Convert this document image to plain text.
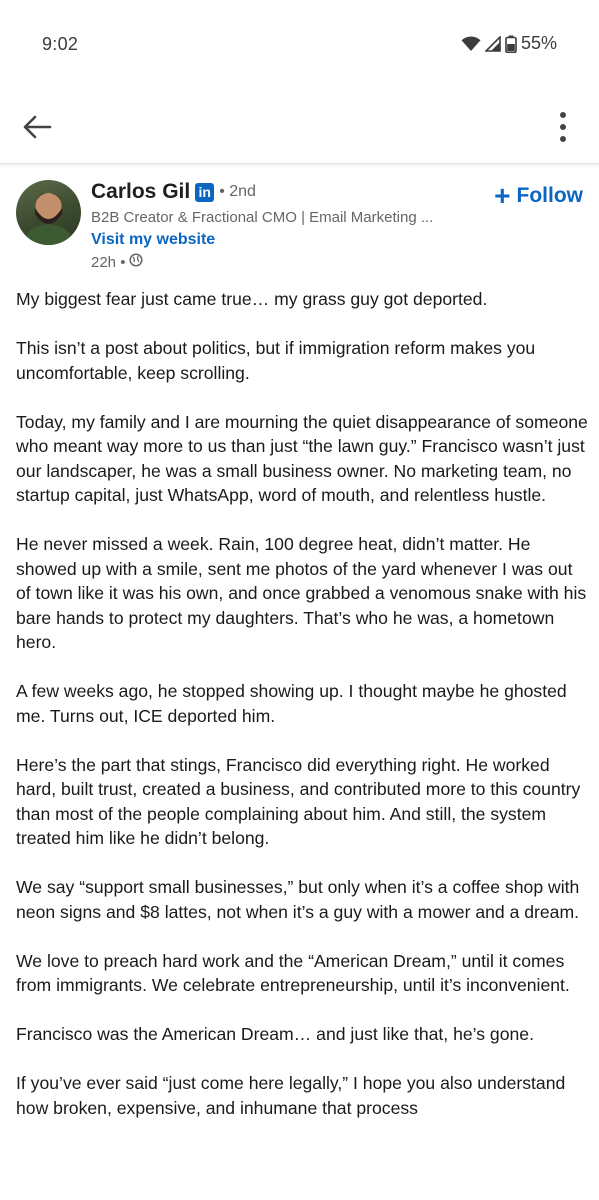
9:02	55%
Carlos Gil in • 2nd
B2B Creator & Fractional CMO | Email Marketing ...
Visit my website
22h •
+ Follow

My biggest fear just came true… my grass guy got deported.

This isn’t a post about politics, but if immigration reform makes you uncomfortable, keep scrolling.

Today, my family and I are mourning the quiet disappearance of someone who meant way more to us than just “the lawn guy.” Francisco wasn’t just our landscaper, he was a small business owner. No marketing team, no startup capital, just WhatsApp, word of mouth, and relentless hustle.

He never missed a week. Rain, 100 degree heat, didn’t matter. He showed up with a smile, sent me photos of the yard whenever I was out of town like it was his own, and once grabbed a venomous snake with his bare hands to protect my daughters. That’s who he was, a hometown hero.

A few weeks ago, he stopped showing up. I thought maybe he ghosted me. Turns out, ICE deported him.

Here’s the part that stings, Francisco did everything right. He worked hard, built trust, created a business, and contributed more to this country than most of the people complaining about him. And still, the system treated him like he didn’t belong.

We say “support small businesses,” but only when it’s a coffee shop with neon signs and $8 lattes, not when it’s a guy with a mower and a dream.

We love to preach hard work and the “American Dream,” until it comes from immigrants. We celebrate entrepreneurship, until it’s inconvenient.

Francisco was the American Dream… and just like that, he’s gone.

If you’ve ever said “just come here legally,” I hope you also understand how broken, expensive, and inhumane that process
